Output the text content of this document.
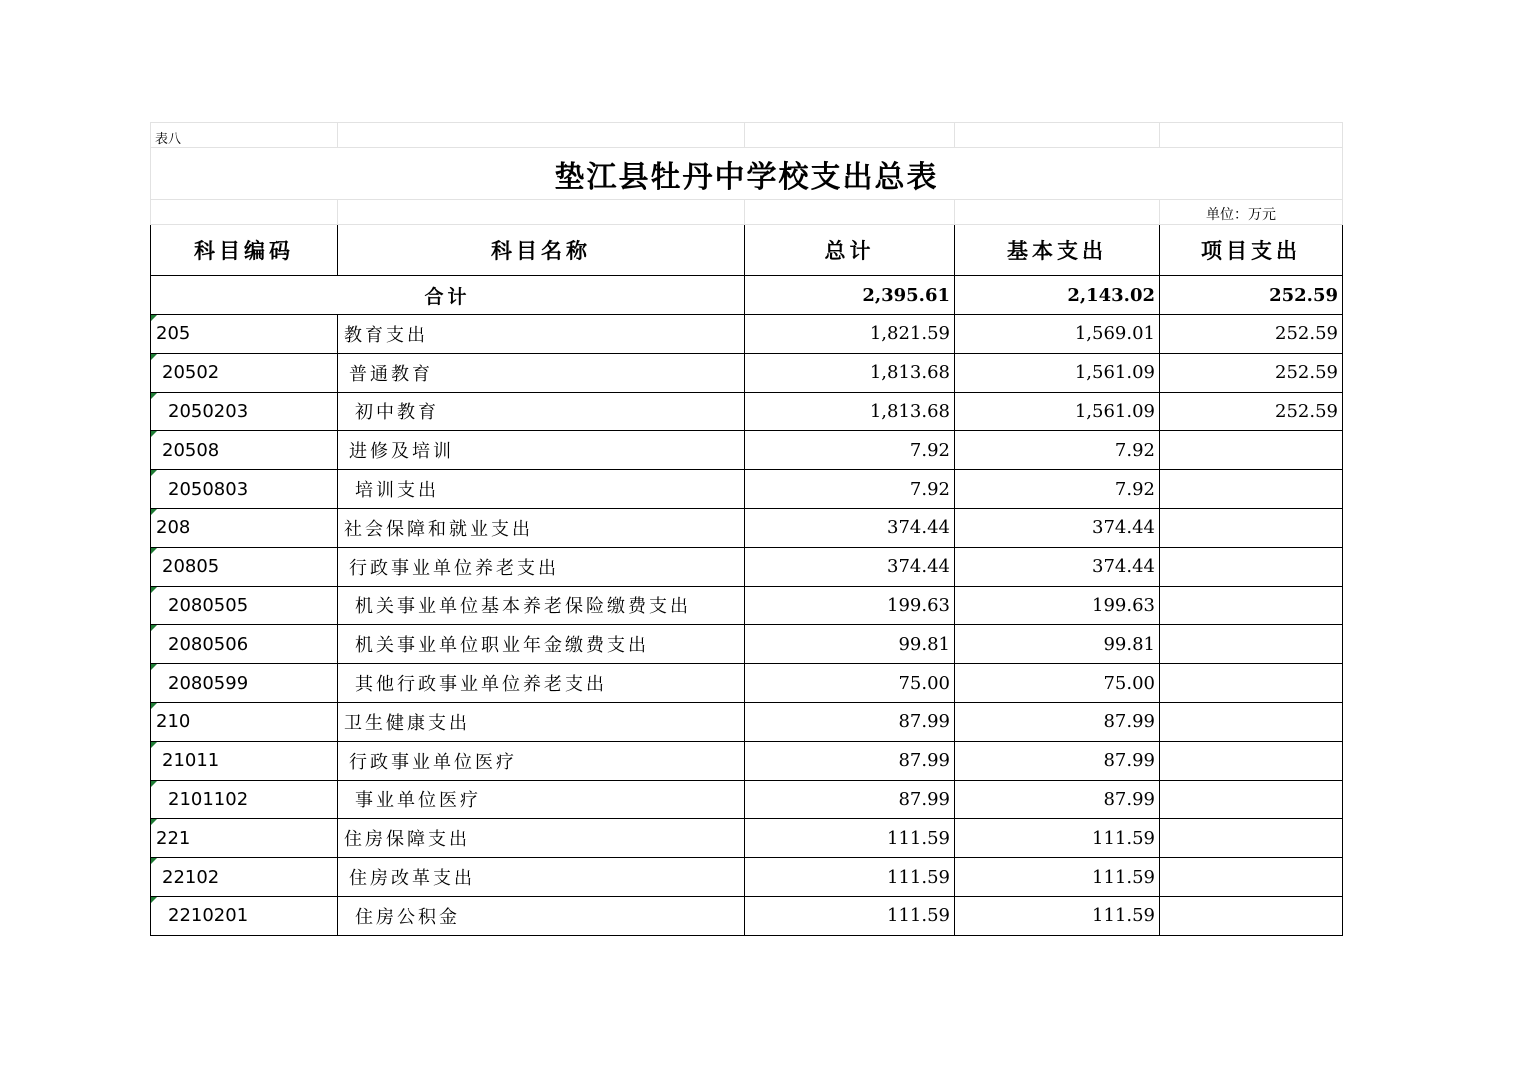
表八				
垫江县牡丹中学校支出总表				
				单位：万元
科目编码	科目名称	总计	基本支出	项目支出
合计		2,395.61	2,143.02	252.59
205	教育支出	1,821.59	1,569.01	252.59
20502	普通教育	1,813.68	1,561.09	252.59
2050203	初中教育	1,813.68	1,561.09	252.59
20508	进修及培训	7.92	7.92	
2050803	培训支出	7.92	7.92	
208	社会保障和就业支出	374.44	374.44	
20805	行政事业单位养老支出	374.44	374.44	
2080505	机关事业单位基本养老保险缴费支出	199.63	199.63	
2080506	机关事业单位职业年金缴费支出	99.81	99.81	
2080599	其他行政事业单位养老支出	75.00	75.00	
210	卫生健康支出	87.99	87.99	
21011	行政事业单位医疗	87.99	87.99	
2101102	事业单位医疗	87.99	87.99	
221	住房保障支出	111.59	111.59	
22102	住房改革支出	111.59	111.59	
2210201	住房公积金	111.59	111.59	
